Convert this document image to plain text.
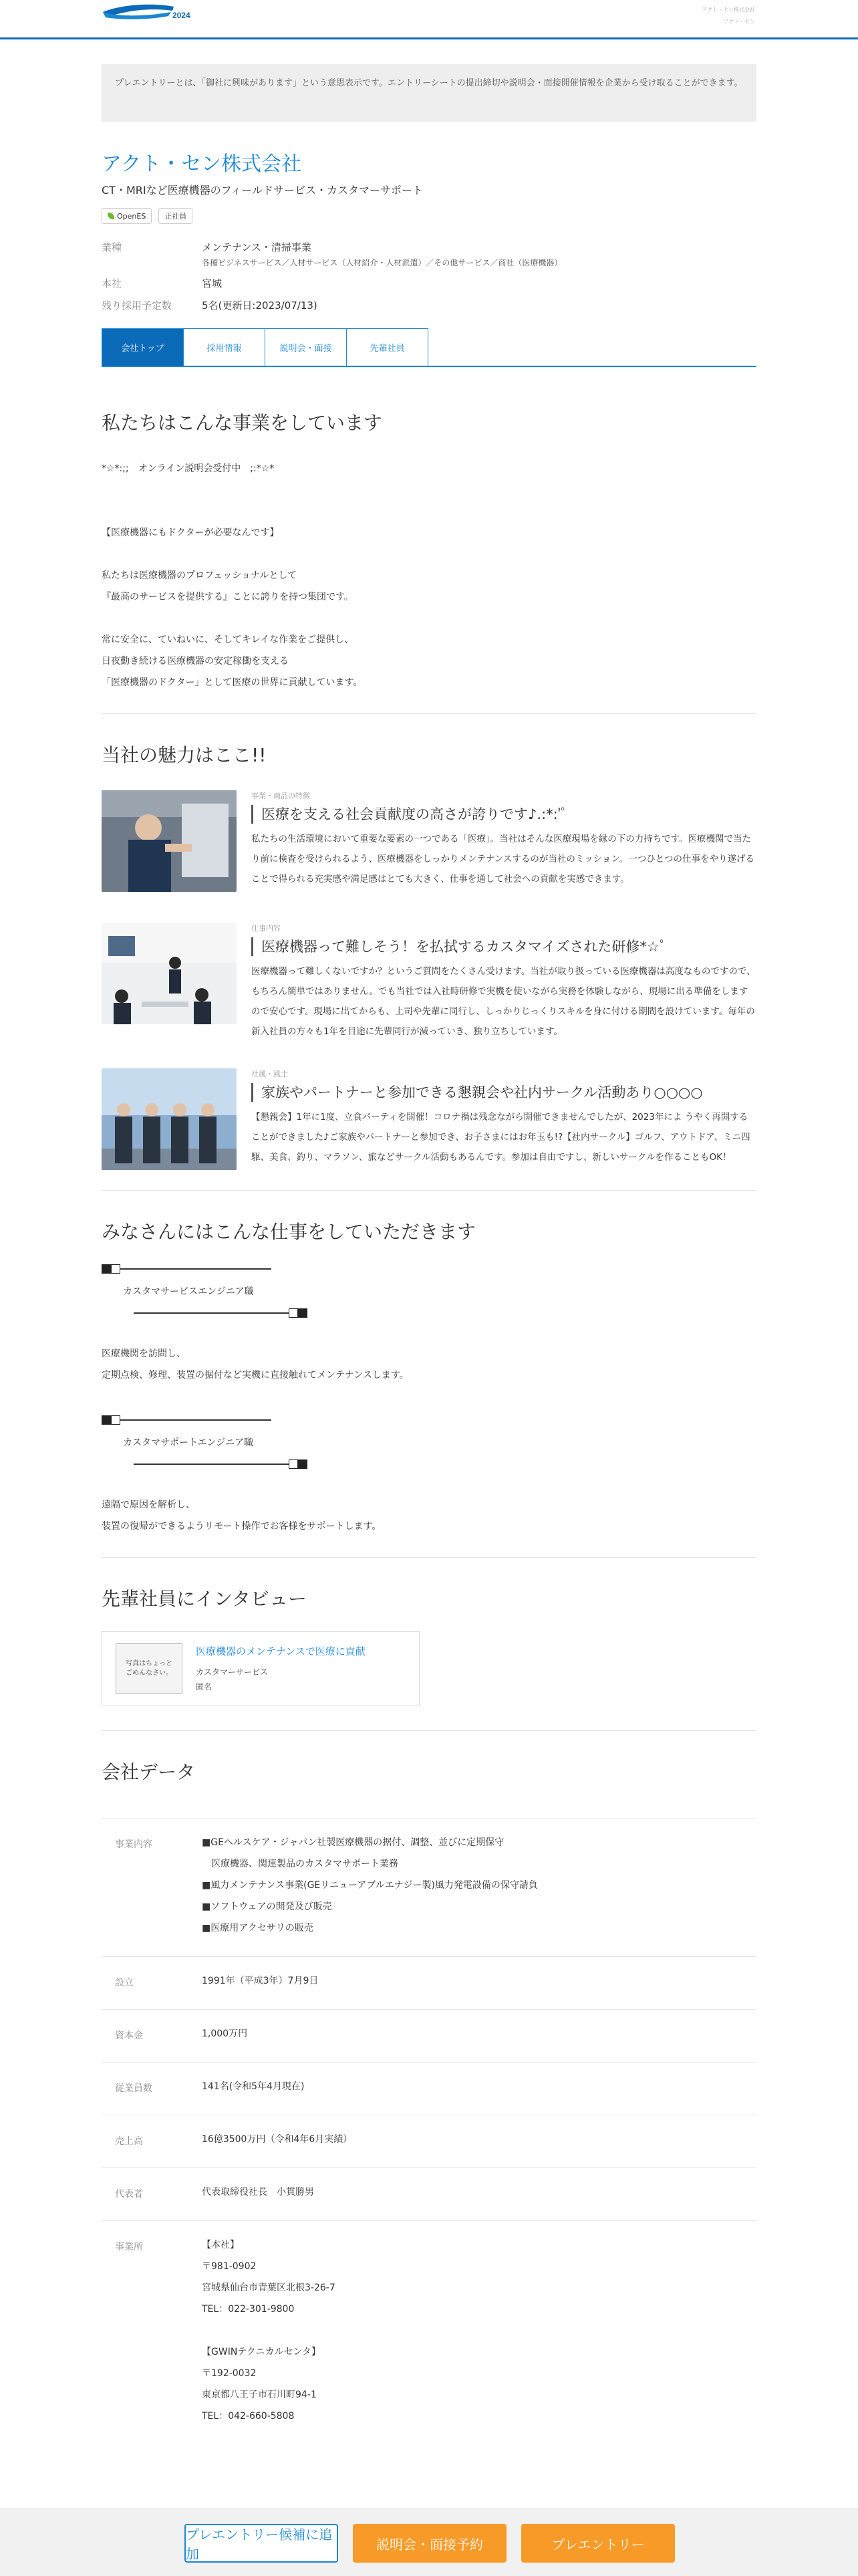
2024
アクト・セン株式会社
アクト・セン
プレエントリーとは、「御社に興味があります」という意思表示です。エントリーシートの提出締切や説明会・面接開催情報を企業から受け取ることができます。
アクト・セン株式会社
CT・MRIなど医療機器のフィールドサービス・カスタマーサポート
OpenES	正社員
業種	メンテナンス・清掃事業
各種ビジネスサービス／人材サービス（人材紹介・人材派遣）／その他サービス／商社（医療機器）
本社	宮城
残り採用予定数	5名(更新日:2023/07/13)
会社トップ	採用情報	説明会・面接	先輩社員
私たちはこんな事業をしています
*☆*:;;　オンライン説明会受付中　;:*☆*
【医療機器にもドクターが必要なんです】
私たちは医療機器のプロフェッショナルとして
『最高のサービスを提供する』ことに誇りを持つ集団です。
常に安全に、ていねいに、そしてキレイな作業をご提供し、
日夜動き続ける医療機器の安定稼働を支える
「医療機器のドクター」として医療の世界に貢献しています。
当社の魅力はここ!!
事業・商品の特徴
医療を支える社会貢献度の高さが誇りです♪.:*:'ﾟ
私たちの生活環境において重要な要素の一つである「医療」。当社はそんな医療現場を縁の下の力持ちです。医療機関で当たり前に検査を受けられるよう、医療機器をしっかりメンテナンスするのが当社のミッション。一つひとつの仕事をやり遂げることで得られる充実感や満足感はとても大きく、仕事を通して社会への貢献を実感できます。
仕事内容
医療機器って難しそう！を払拭するカスタマイズされた研修*☆ﾟ
医療機器って難しくないですか？というご質問をたくさん受けます。当社が取り扱っている医療機器は高度なものですので、もちろん簡単ではありません。でも当社では入社時研修で実機を使いながら実務を体験しながら、現場に出る準備をしますので安心です。現場に出てからも、上司や先輩に同行し、しっかりじっくりスキルを身に付ける期間を設けています。毎年の新入社員の方々も1年を目途に先輩同行が減っていき、独り立ちしています。
社風・風土
家族やパートナーと参加できる懇親会や社内サークル活動あり○○○○
【懇親会】1年に1度、立食パーティを開催！コロナ禍は残念ながら開催できませんでしたが、2023年によ うやく再開することができました♪ご家族やパートナーと参加でき、お子さまにはお年玉も!?【社内サークル】ゴルフ、アウトドア、ミニ四駆、美食、釣り、マラソン、旅などサークル活動もあるんです。参加は自由ですし、新しいサークルを作ることもOK！
みなさんにはこんな仕事をしていただきます
カスタマサービスエンジニア職
医療機関を訪問し、
定期点検、修理、装置の据付など実機に直接触れてメンテナンスします。
カスタマサポートエンジニア職
遠隔で原因を解析し、
装置の復帰ができるようリモート操作でお客様をサポートします。
先輩社員にインタビュー
写真はちょっと
ごめんなさい。
医療機器のメンテナンスで医療に貢献
カスタマーサービス
匿名
会社データ
事業内容	■GEヘルスケア・ジャパン社製医療機器の据付、調整、並びに定期保守
　医療機器、関連製品のカスタマサポート業務
■風力メンテナンス事業(GEリニューアブルエナジー製)風力発電設備の保守請負
■ソフトウェアの開発及び販売
■医療用アクセサリの販売
設立	1991年（平成3年）7月9日
資本金	1,000万円
従業員数	141名(令和5年4月現在)
売上高	16億3500万円（令和4年6月実績）
代表者	代表取締役社長　小貫勝男
事業所	【本社】
〒981-0902
宮城県仙台市青葉区北根3-26-7
TEL：022-301-9800
【GWINテクニカルセンタ】
〒192-0032
東京都八王子市石川町94-1
TEL：042-660-5808
プレエントリー候補に追加
説明会・面接予約	プレエントリー
